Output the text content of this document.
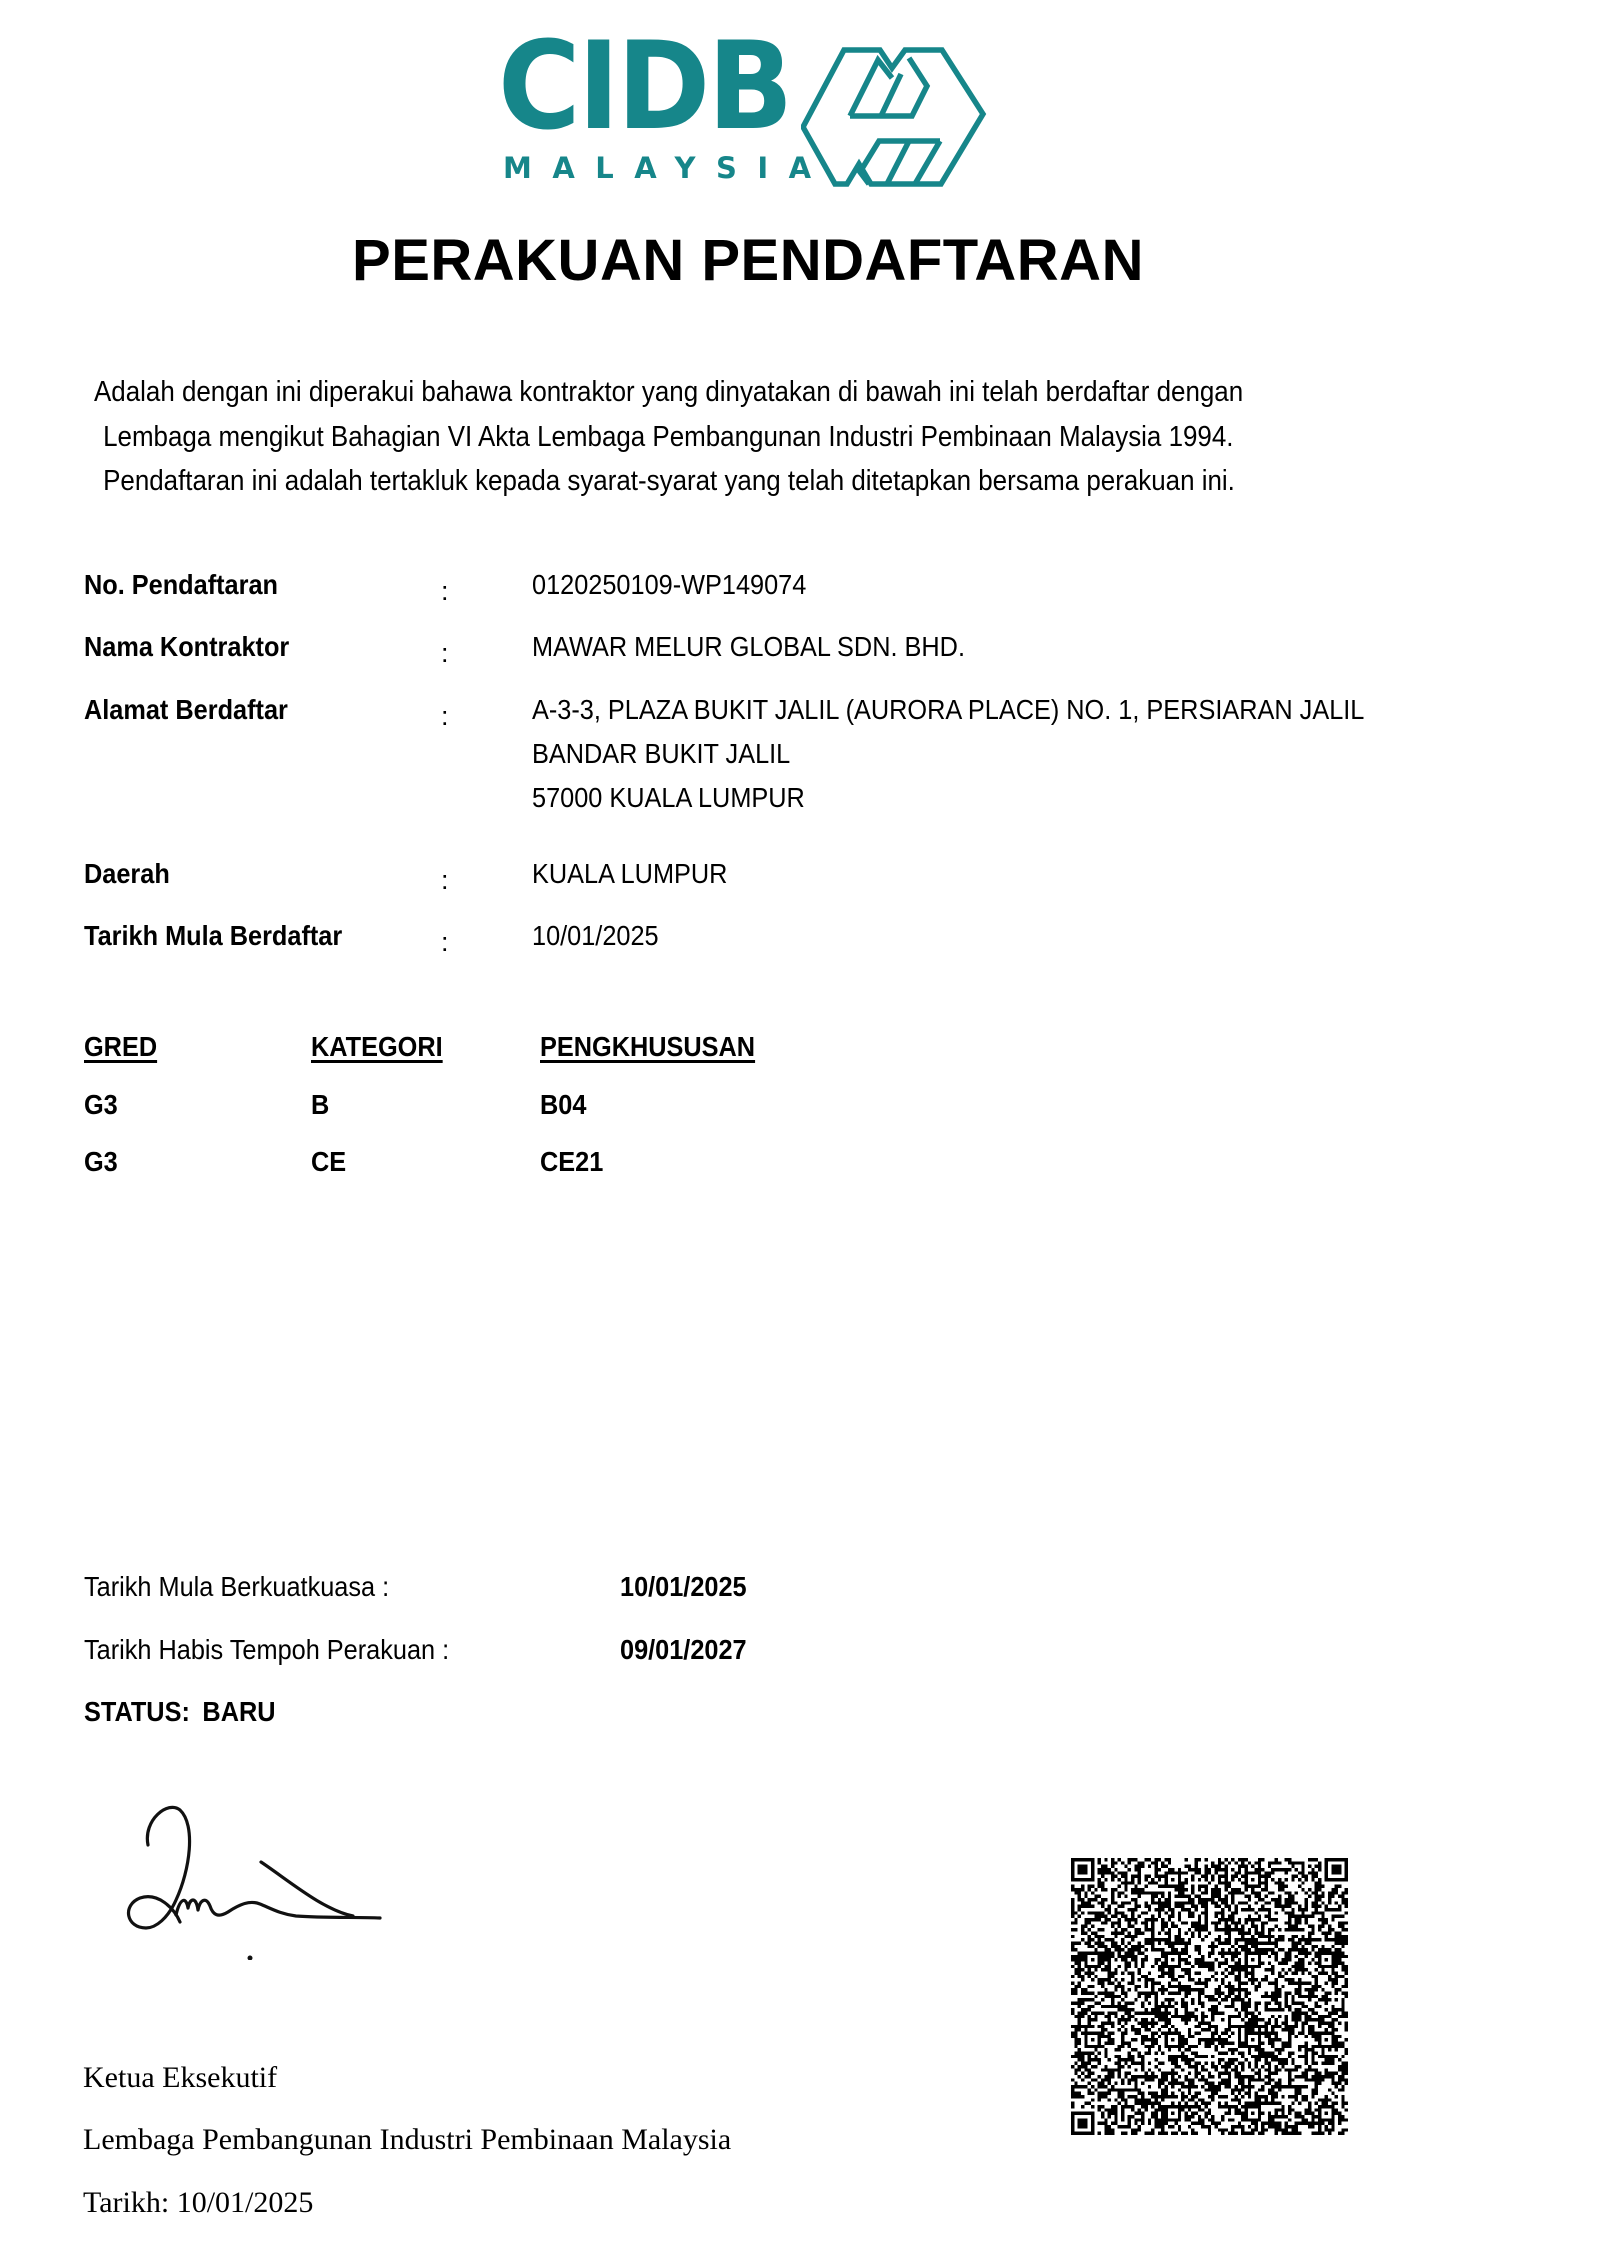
CIDB
MALAYSIA
PERAKUAN PENDAFTARAN
Adalah dengan ini diperakui bahawa kontraktor yang dinyatakan di bawah ini telah berdaftar dengan
Lembaga mengikut Bahagian VI Akta Lembaga Pembangunan Industri Pembinaan Malaysia 1994.
Pendaftaran ini adalah tertakluk kepada syarat-syarat yang telah ditetapkan bersama perakuan ini.
No. Pendaftaran	:	0120250109-WP149074
Nama Kontraktor	:	MAWAR MELUR GLOBAL SDN. BHD.
Alamat Berdaftar	:	A-3-3, PLAZA BUKIT JALIL (AURORA PLACE) NO. 1, PERSIARAN JALIL
BANDAR BUKIT JALIL
57000 KUALA LUMPUR
Daerah	:	KUALA LUMPUR
Tarikh Mula Berdaftar	:	10/01/2025
GRED	KATEGORI	PENGKHUSUSAN
G3	B	B04
G3	CE	CE21
Tarikh Mula Berkuatkuasa :	10/01/2025
Tarikh Habis Tempoh Perakuan :	09/01/2027
STATUS: BARU
Ketua Eksekutif
Lembaga Pembangunan Industri Pembinaan Malaysia
Tarikh: 10/01/2025
